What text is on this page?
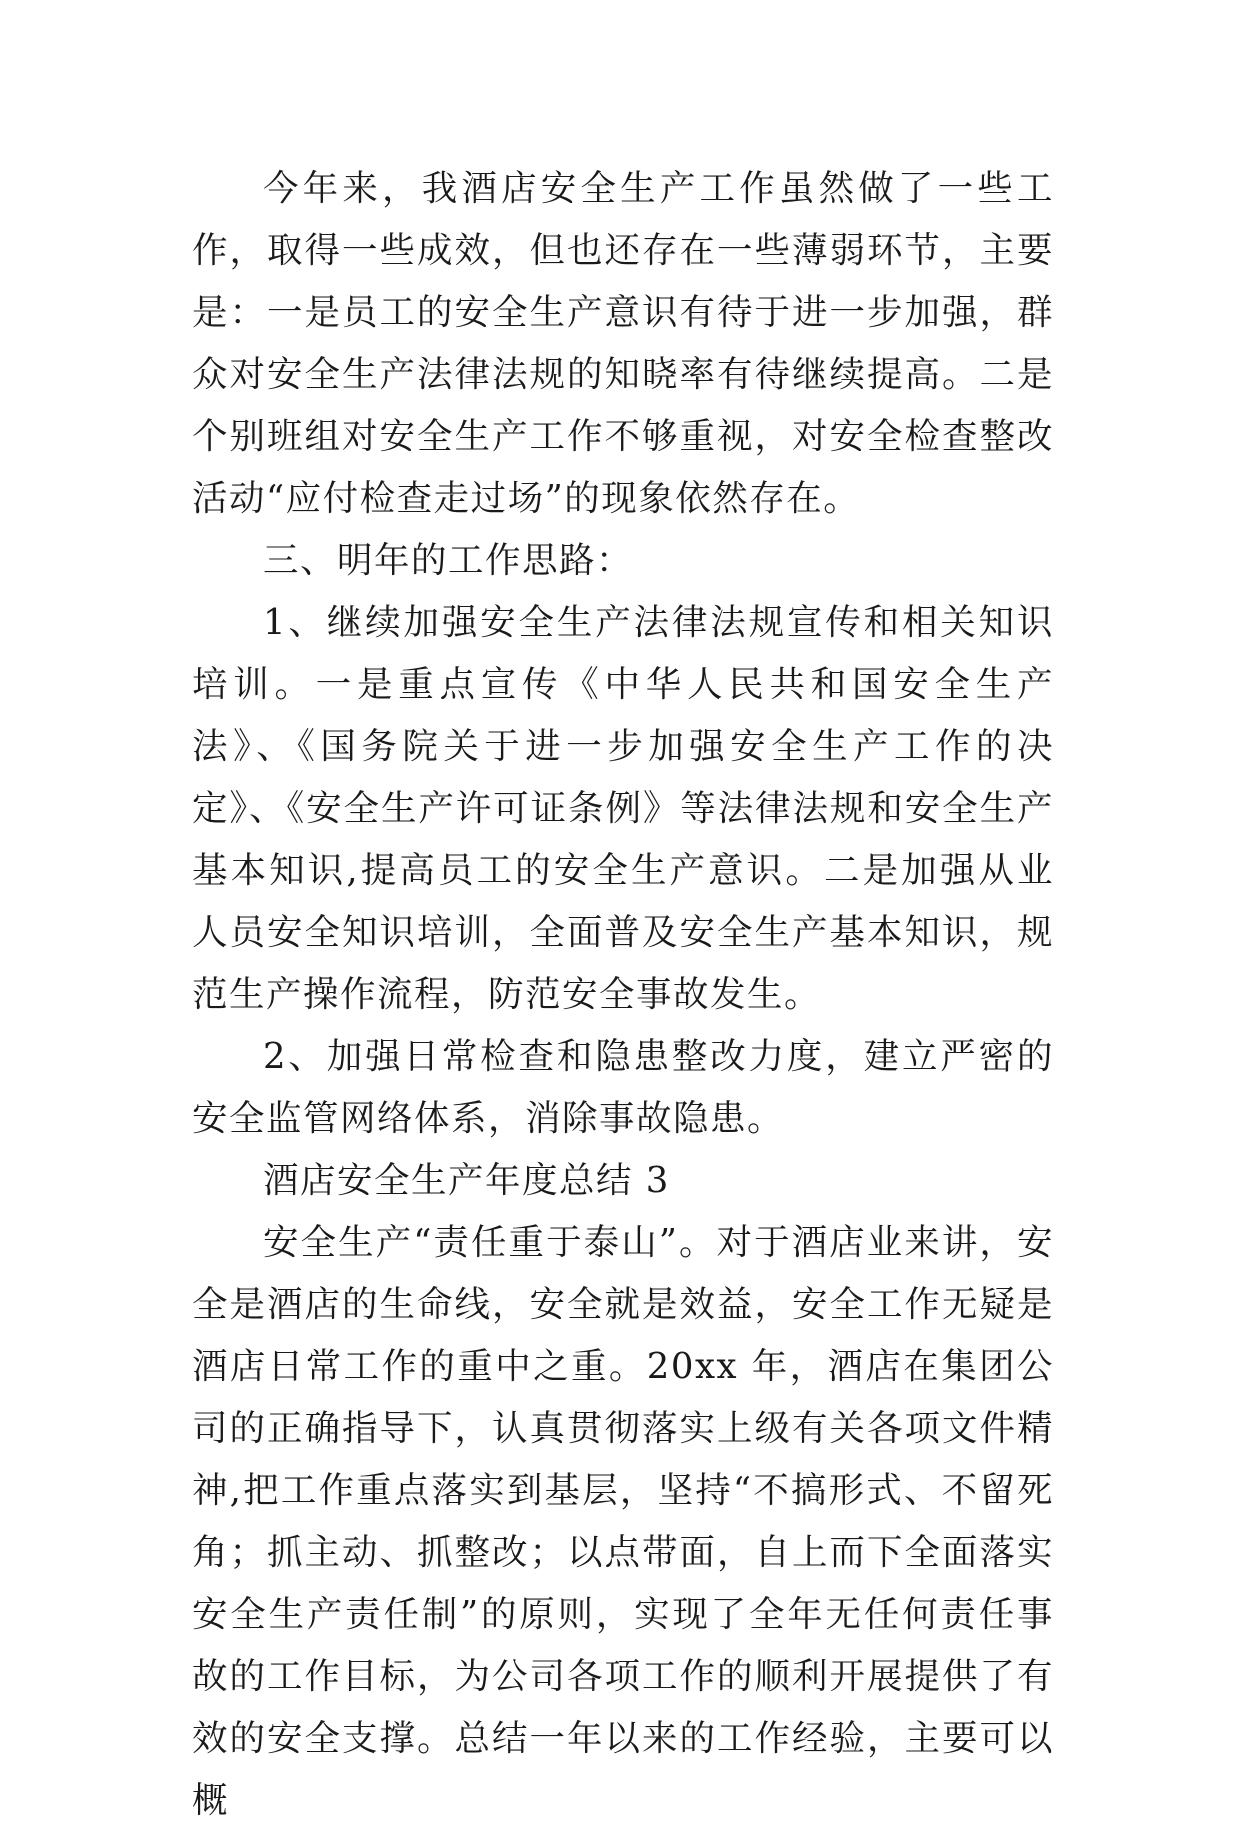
今年来，我酒店安全生产工作虽然做了一些工作，取得一些成效，但也还存在一些薄弱环节，主要是：一是员工的安全生产意识有待于进一步加强，群众对安全生产法律法规的知晓率有待继续提高。二是个别班组对安全生产工作不够重视，对安全检查整改活动“应付检查走过场”的现象依然存在。

三、明年的工作思路：

1、继续加强安全生产法律法规宣传和相关知识培训。一是重点宣传《中华人民共和国安全生产法》、《国务院关于进一步加强安全生产工作的决定》、《安全生产许可证条例》等法律法规和安全生产基本知识,提高员工的安全生产意识。二是加强从业人员安全知识培训，全面普及安全生产基本知识，规范生产操作流程，防范安全事故发生。

2、加强日常检查和隐患整改力度，建立严密的安全监管网络体系，消除事故隐患。

酒店安全生产年度总结 3

安全生产“责任重于泰山”。对于酒店业来讲，安全是酒店的生命线，安全就是效益，安全工作无疑是酒店日常工作的重中之重。20xx 年，酒店在集团公司的正确指导下，认真贯彻落实上级有关各项文件精神,把工作重点落实到基层，坚持“不搞形式、不留死角；抓主动、抓整改；以点带面，自上而下全面落实安全生产责任制”的原则，实现了全年无任何责任事故的工作目标，为公司各项工作的顺利开展提供了有效的安全支撑。总结一年以来的工作经验，主要可以概
